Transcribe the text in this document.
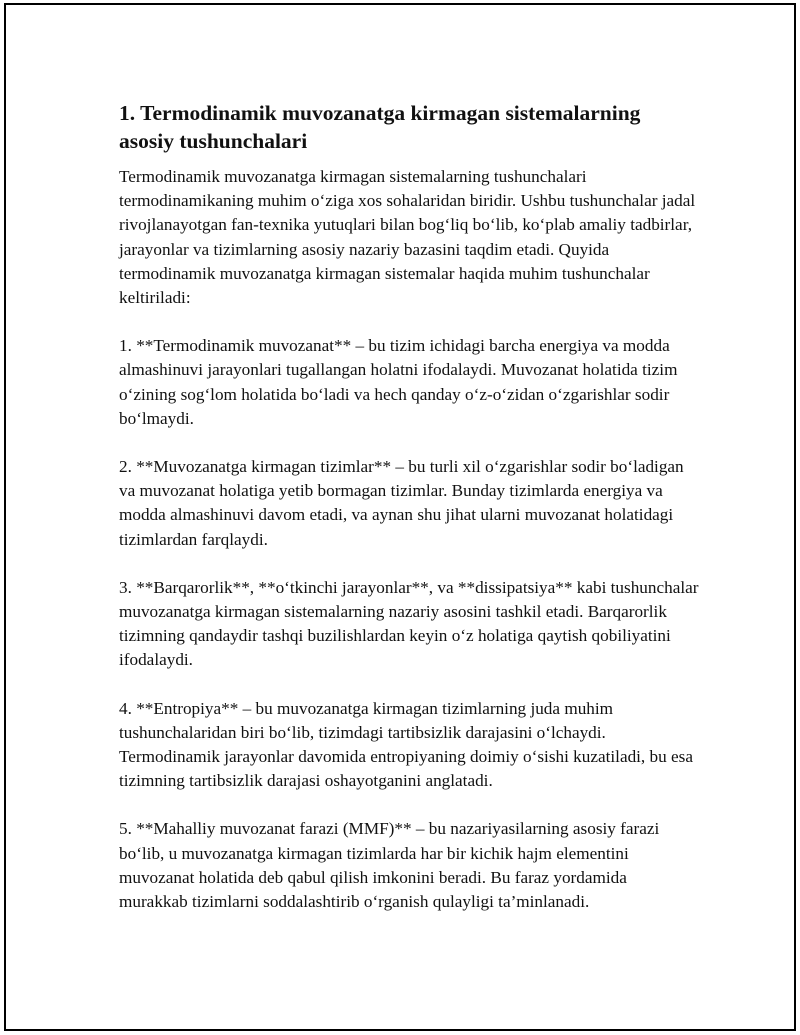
1. Termodinamik muvozanatga kirmagan sistemalarning asosiy tushunchalari

Termodinamik muvozanatga kirmagan sistemalarning tushunchalari termodinamikaning muhim o‘ziga xos sohalaridan biridir. Ushbu tushunchalar jadal rivojlanayotgan fan-texnika yutuqlari bilan bog‘liq bo‘lib, ko‘plab amaliy tadbirlar, jarayonlar va tizimlarning asosiy nazariy bazasini taqdim etadi. Quyida termodinamik muvozanatga kirmagan sistemalar haqida muhim tushunchalar keltiriladi:

1. **Termodinamik muvozanat** – bu tizim ichidagi barcha energiya va modda almashinuvi jarayonlari tugallangan holatni ifodalaydi. Muvozanat holatida tizim o‘zining sog‘lom holatida bo‘ladi va hech qanday o‘z-o‘zidan o‘zgarishlar sodir bo‘lmaydi.

2. **Muvozanatga kirmagan tizimlar** – bu turli xil o‘zgarishlar sodir bo‘ladigan va muvozanat holatiga yetib bormagan tizimlar. Bunday tizimlarda energiya va modda almashinuvi davom etadi, va aynan shu jihat ularni muvozanat holatidagi tizimlardan farqlaydi.

3. **Barqarorlik**, **o‘tkinchi jarayonlar**, va **dissipatsiya** kabi tushunchalar muvozanatga kirmagan sistemalarning nazariy asosini tashkil etadi. Barqarorlik tizimning qandaydir tashqi buzilishlardan keyin o‘z holatiga qaytish qobiliyatini ifodalaydi.

4. **Entropiya** – bu muvozanatga kirmagan tizimlarning juda muhim tushunchalaridan biri bo‘lib, tizimdagi tartibsizlik darajasini o‘lchaydi. Termodinamik jarayonlar davomida entropiyaning doimiy o‘sishi kuzatiladi, bu esa tizimning tartibsizlik darajasi oshayotganini anglatadi.

5. **Mahalliy muvozanat farazi (MMF)** – bu nazariyasilarning asosiy farazi bo‘lib, u muvozanatga kirmagan tizimlarda har bir kichik hajm elementini muvozanat holatida deb qabul qilish imkonini beradi. Bu faraz yordamida murakkab tizimlarni soddalashtirib o‘rganish qulayligi ta’minlanadi.
